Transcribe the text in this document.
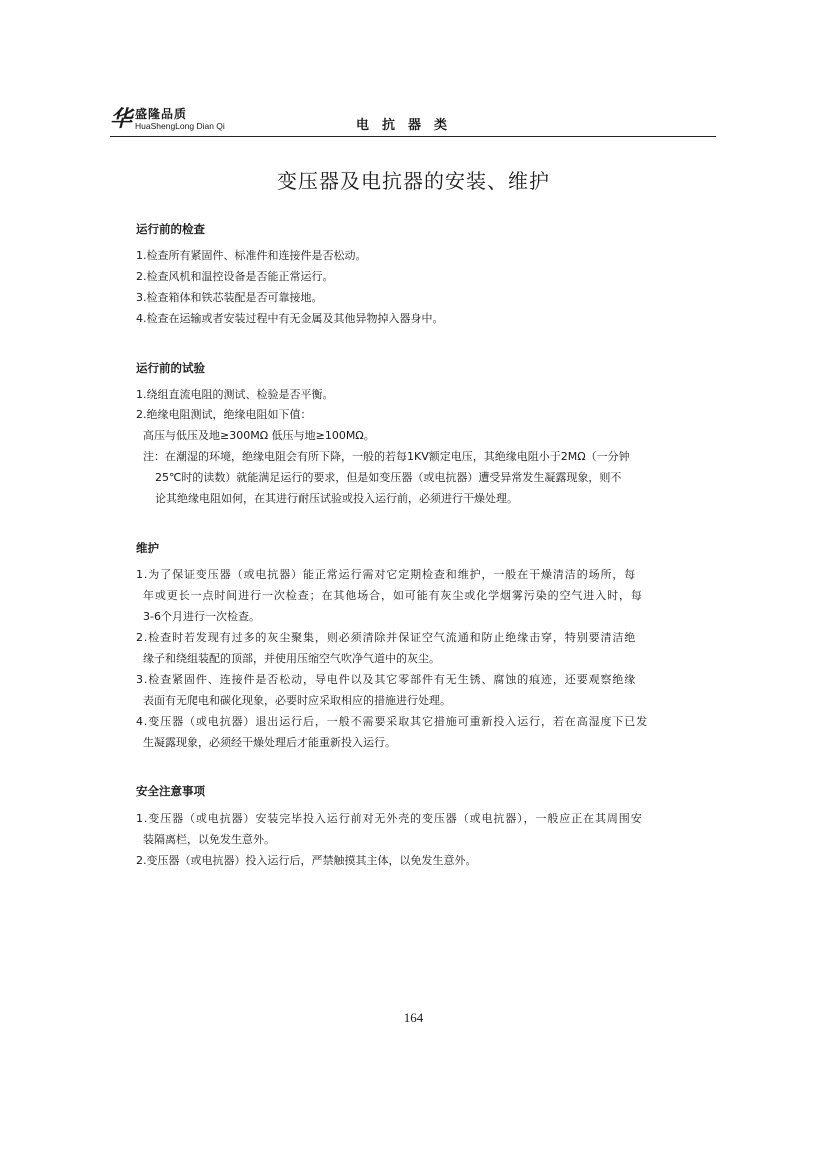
华 盛隆品质
HuaShengLong Dian Qi	电抗器类
变压器及电抗器的安装、维护
运行前的检查
1.检查所有紧固件、标准件和连接件是否松动。
2.检查风机和温控设备是否能正常运行。
3.检查箱体和铁芯装配是否可靠接地。
4.检查在运输或者安装过程中有无金属及其他异物掉入器身中。
运行前的试验
1.绕组直流电阻的测试、检验是否平衡。
2.绝缘电阻测试，绝缘电阻如下值：
高压与低压及地≥300MΩ 低压与地≥100MΩ。
注：在潮湿的环境，绝缘电阻会有所下降，一般的若每1KV额定电压，其绝缘电阻小于2MΩ（一分钟
25℃时的读数）就能满足运行的要求，但是如变压器（或电抗器）遭受异常发生凝露现象，则不
论其绝缘电阻如何，在其进行耐压试验或投入运行前，必须进行干燥处理。
维护
1.为了保证变压器（或电抗器）能正常运行需对它定期检查和维护，一般在干燥清洁的场所，每
年或更长一点时间进行一次检查；在其他场合，如可能有灰尘或化学烟雾污染的空气进入时，每
3-6个月进行一次检查。
2.检查时若发现有过多的灰尘聚集，则必须清除并保证空气流通和防止绝缘击穿，特别要清洁绝
缘子和绕组装配的顶部，并使用压缩空气吹净气道中的灰尘。
3.检查紧固件、连接件是否松动，导电件以及其它零部件有无生锈、腐蚀的痕迹，还要观察绝缘
表面有无爬电和碳化现象，必要时应采取相应的措施进行处理。
4.变压器（或电抗器）退出运行后，一般不需要采取其它措施可重新投入运行，若在高湿度下已发
生凝露现象，必须经干燥处理后才能重新投入运行。
安全注意事项
1.变压器（或电抗器）安装完毕投入运行前对无外壳的变压器（或电抗器），一般应正在其周围安
装隔离栏，以免发生意外。
2.变压器（或电抗器）投入运行后，严禁触摸其主体，以免发生意外。
164
